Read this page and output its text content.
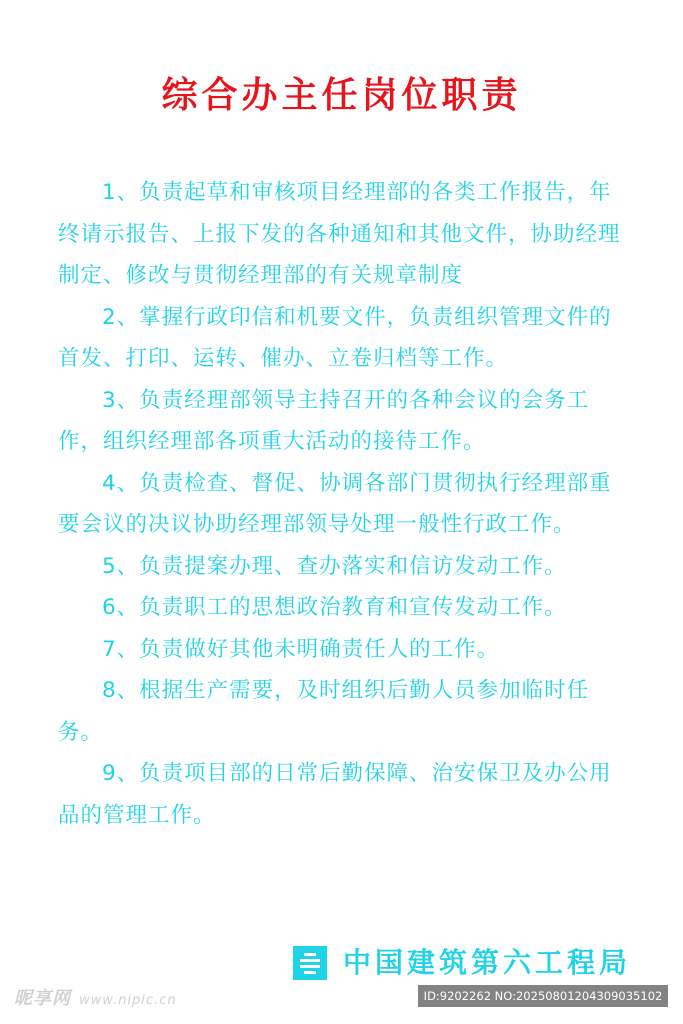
综合办主任岗位职责

1、负责起草和审核项目经理部的各类工作报告，年终请示报告、上报下发的各种通知和其他文件，协助经理制定、修改与贯彻经理部的有关规章制度

2、掌握行政印信和机要文件，负责组织管理文件的首发、打印、运转、催办、立卷归档等工作。

3、负责经理部领导主持召开的各种会议的会务工作，组织经理部各项重大活动的接待工作。

4、负责检查、督促、协调各部门贯彻执行经理部重要会议的决议协助经理部领导处理一般性行政工作。

5、负责提案办理、查办落实和信访发动工作。

6、负责职工的思想政治教育和宣传发动工作。

7、负责做好其他未明确责任人的工作。

8、根据生产需要，及时组织后勤人员参加临时任务。

9、负责项目部的日常后勤保障、治安保卫及办公用品的管理工作。

中国建筑第六工程局
昵享网 www.nipic.cn	ID:9202262 NO:20250801204309035102
